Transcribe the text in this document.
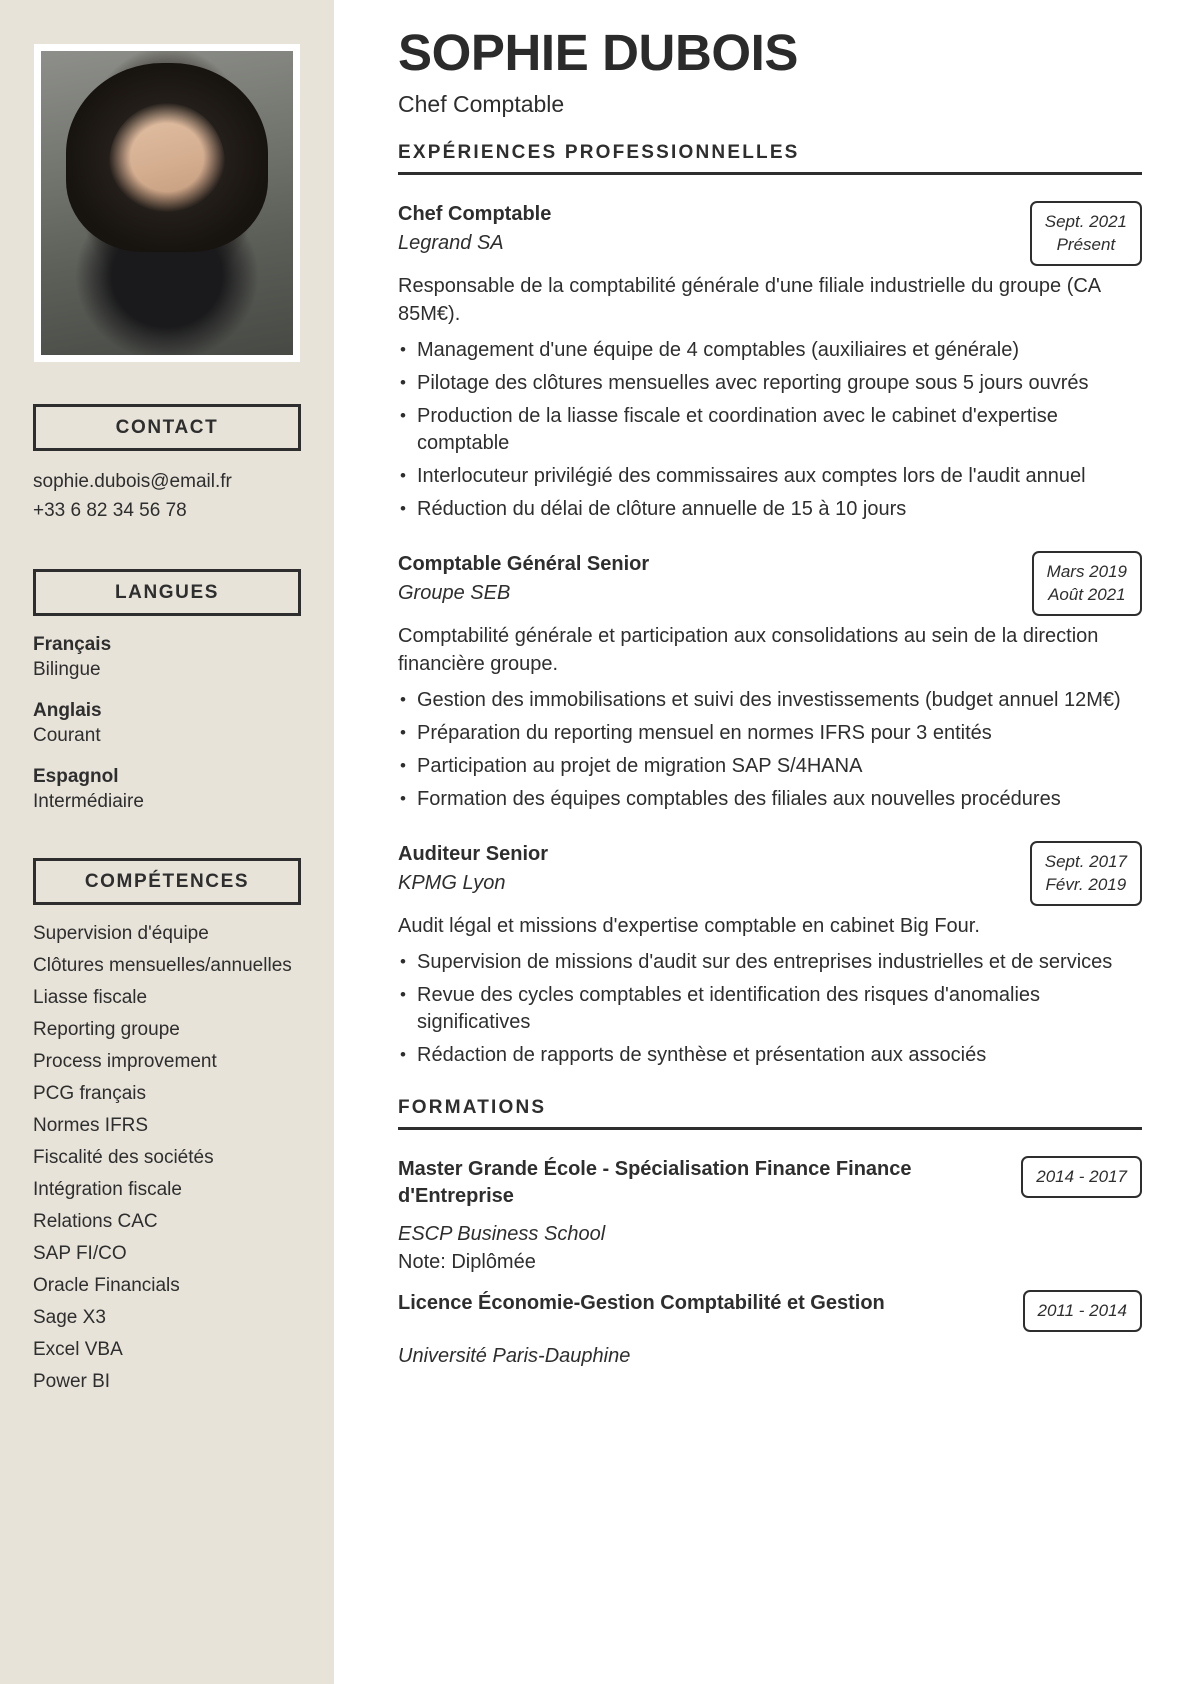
CONTACT
sophie.dubois@email.fr
+33 6 82 34 56 78
LANGUES
Français
Bilingue
Anglais
Courant
Espagnol
Intermédiaire
COMPÉTENCES
Supervision d'équipe
Clôtures mensuelles/annuelles
Liasse fiscale
Reporting groupe
Process improvement
PCG français
Normes IFRS
Fiscalité des sociétés
Intégration fiscale
Relations CAC
SAP FI/CO
Oracle Financials
Sage X3
Excel VBA
Power BI
SOPHIE DUBOIS
Chef Comptable
EXPÉRIENCES PROFESSIONNELLES
Chef Comptable
Legrand SA
Sept. 2021
Présent
Responsable de la comptabilité générale d'une filiale industrielle du groupe (CA 85M€).
• Management d'une équipe de 4 comptables (auxiliaires et générale)
• Pilotage des clôtures mensuelles avec reporting groupe sous 5 jours ouvrés
• Production de la liasse fiscale et coordination avec le cabinet d'expertise comptable
• Interlocuteur privilégié des commissaires aux comptes lors de l'audit annuel
• Réduction du délai de clôture annuelle de 15 à 10 jours
Comptable Général Senior
Groupe SEB
Mars 2019
Août 2021
Comptabilité générale et participation aux consolidations au sein de la direction financière groupe.
• Gestion des immobilisations et suivi des investissements (budget annuel 12M€)
• Préparation du reporting mensuel en normes IFRS pour 3 entités
• Participation au projet de migration SAP S/4HANA
• Formation des équipes comptables des filiales aux nouvelles procédures
Auditeur Senior
KPMG Lyon
Sept. 2017
Févr. 2019
Audit légal et missions d'expertise comptable en cabinet Big Four.
• Supervision de missions d'audit sur des entreprises industrielles et de services
• Revue des cycles comptables et identification des risques d'anomalies significatives
• Rédaction de rapports de synthèse et présentation aux associés
FORMATIONS
Master Grande École - Spécialisation Finance Finance d'Entreprise
2014 - 2017
ESCP Business School
Note: Diplômée
Licence Économie-Gestion Comptabilité et Gestion	2011 - 2014
Université Paris-Dauphine
